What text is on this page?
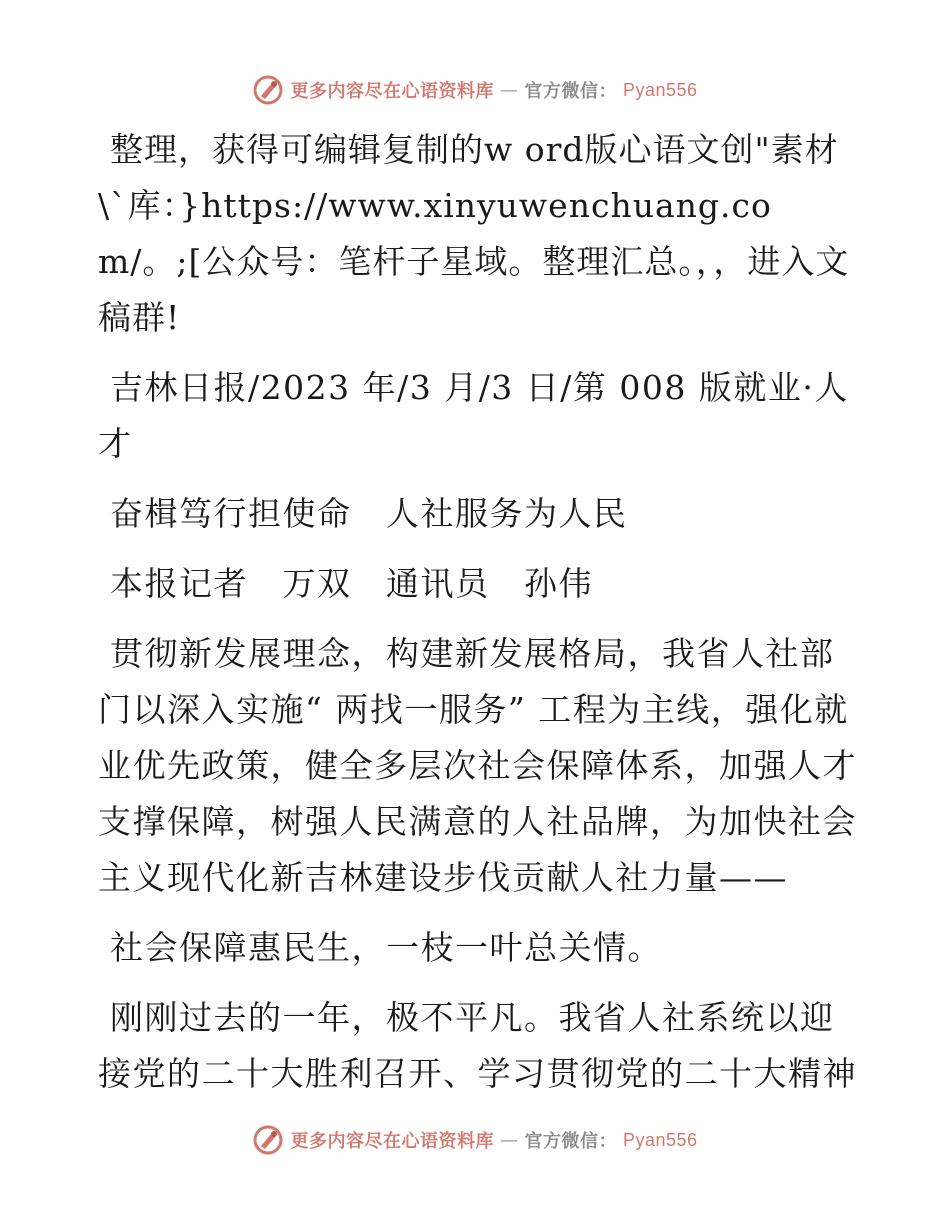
更多内容尽在心语资料库 — 官方微信： Pyan556

整理，获得可编辑复制的w ord版心语文创"素材\`库：}https://www.xinyuwenchuang.com/。;[公众号：笔杆子星域。整理汇总。，，进入文稿群!

吉林日报/2023 年/3 月/3 日/第 008 版就业·人才

奋楫笃行担使命　人社服务为人民

本报记者　万双　通讯员　孙伟

贯彻新发展理念，构建新发展格局，我省人社部门以深入实施“ 两找一服务” 工程为主线，强化就业优先政策，健全多层次社会保障体系，加强人才支撑保障，树强人民满意的人社品牌，为加快社会主义现代化新吉林建设步伐贡献人社力量——

社会保障惠民生，一枝一叶总关情。

刚刚过去的一年，极不平凡。我省人社系统以迎接党的二十大胜利召开、学习贯彻党的二十大精神

更多内容尽在心语资料库 — 官方微信： Pyan556
